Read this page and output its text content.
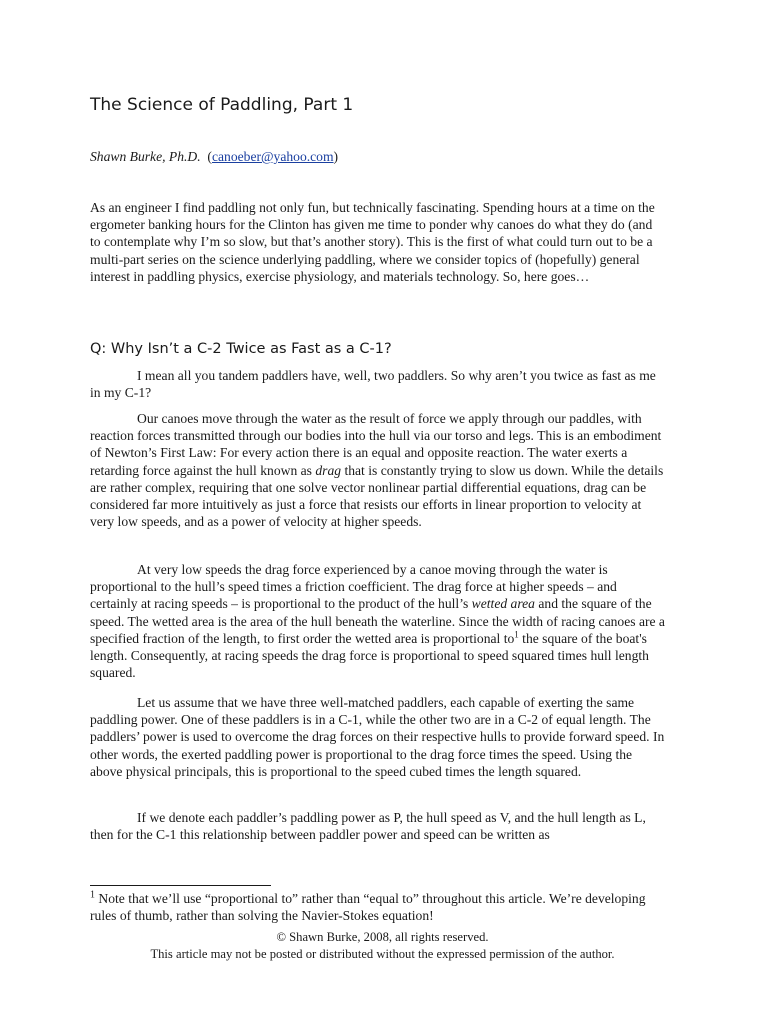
The Science of Paddling, Part 1
Shawn Burke, Ph.D. (canoeber@yahoo.com)

As an engineer I find paddling not only fun, but technically fascinating. Spending hours at a time on the ergometer banking hours for the Clinton has given me time to ponder why canoes do what they do (and to contemplate why I’m so slow, but that’s another story). This is the first of what could turn out to be a multi-part series on the science underlying paddling, where we consider topics of (hopefully) general interest in paddling physics, exercise physiology, and materials technology. So, here goes…

Q: Why Isn’t a C-2 Twice as Fast as a C-1?

I mean all you tandem paddlers have, well, two paddlers. So why aren’t you twice as fast as me in my C-1?

Our canoes move through the water as the result of force we apply through our paddles, with reaction forces transmitted through our bodies into the hull via our torso and legs. This is an embodiment of Newton’s First Law: For every action there is an equal and opposite reaction. The water exerts a retarding force against the hull known as drag that is constantly trying to slow us down. While the details are rather complex, requiring that one solve vector nonlinear partial differential equations, drag can be considered far more intuitively as just a force that resists our efforts in linear proportion to velocity at very low speeds, and as a power of velocity at higher speeds.

At very low speeds the drag force experienced by a canoe moving through the water is proportional to the hull’s speed times a friction coefficient. The drag force at higher speeds – and certainly at racing speeds – is proportional to the product of the hull’s wetted area and the square of the speed. The wetted area is the area of the hull beneath the waterline. Since the width of racing canoes are a specified fraction of the length, to first order the wetted area is proportional to$^1$ the square of the boat's length. Consequently, at racing speeds the drag force is proportional to speed squared times hull length squared.

Let us assume that we have three well-matched paddlers, each capable of exerting the same paddling power. One of these paddlers is in a C-1, while the other two are in a C-2 of equal length. The paddlers’ power is used to overcome the drag forces on their respective hulls to provide forward speed. In other words, the exerted paddling power is proportional to the drag force times the speed. Using the above physical principals, this is proportional to the speed cubed times the length squared.

If we denote each paddler’s paddling power as P, the hull speed as V, and the hull length as L, then for the C-1 this relationship between paddler power and speed can be written as

$^1$ Note that we’ll use “proportional to” rather than “equal to” throughout this article. We’re developing rules of thumb, rather than solving the Navier-Stokes equation!

© Shawn Burke, 2008, all rights reserved.
This article may not be posted or distributed without the expressed permission of the author.
